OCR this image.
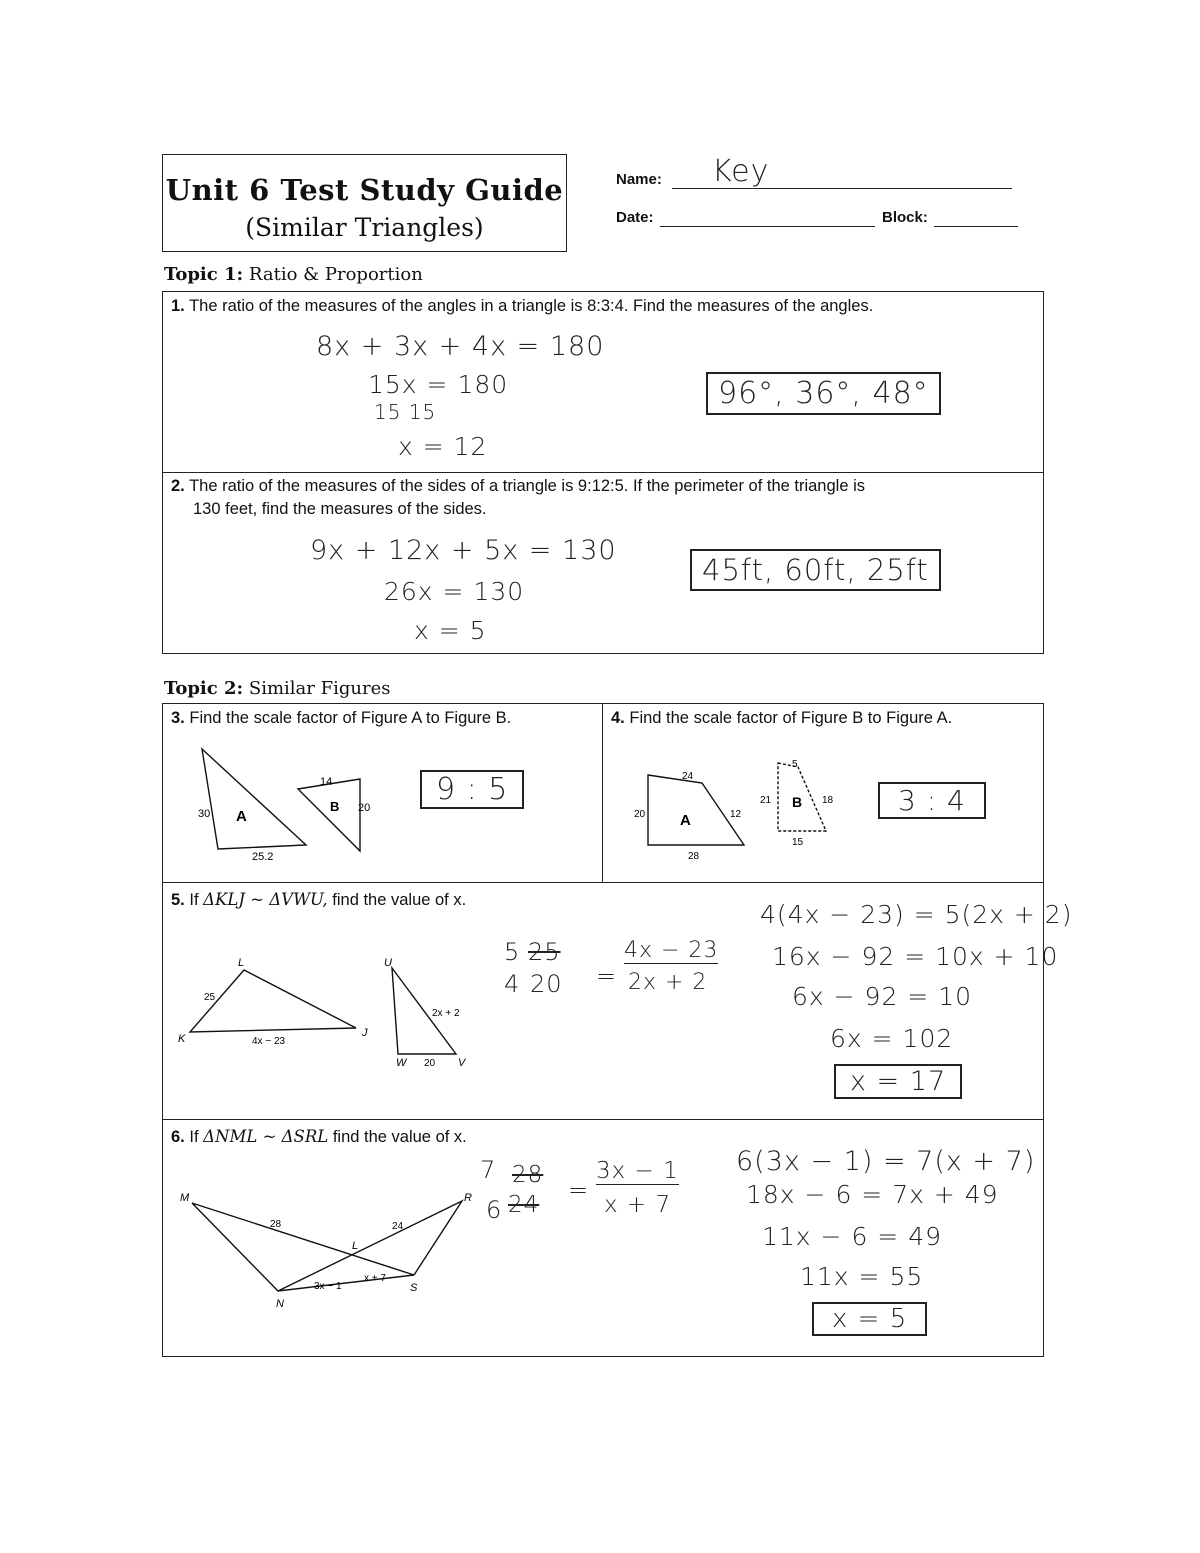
Unit 6 Test Study Guide
(Similar Triangles)
Name: Key
Date:	Block:
Topic 1: Ratio & Proportion
1. The ratio of the measures of the angles in a triangle is 8:3:4. Find the measures of the angles.
8x + 3x + 4x = 180
15x = 180
15 15
x = 12
96°, 36°, 48°
2. The ratio of the measures of the sides of a triangle is 9:12:5. If the perimeter of the triangle is
130 feet, find the measures of the sides.
9x + 12x + 5x = 130
26x = 130
x = 5
45ft, 60ft, 25ft
Topic 2: Similar Figures
3. Find the scale factor of Figure A to Figure B.	4. Find the scale factor of Figure B to Figure A.
A
B
30
25.2
14
20
9 : 5
A
B
24
20	12
28
5
21	18
15
3 : 4
5. If ΔKLJ ~ ΔVWU, find the value of x.
L
K	J
U
W	V
25
4x − 23
2x + 2
20
5 25
4 20 =
4x − 23
2x + 2
4(4x − 23) = 5(2x + 2)
16x − 92 = 10x + 10
6x − 92 = 10
6x = 102
x = 17
6. If ΔNML ~ ΔSRL find the value of x.
M	R
L
N
S
28	24
3x − 1
x + 7
7 28
6 24
=
3x − 1
x + 7
6(3x − 1) = 7(x + 7)
18x − 6 = 7x + 49
11x − 6 = 49
11x = 55
x = 5
